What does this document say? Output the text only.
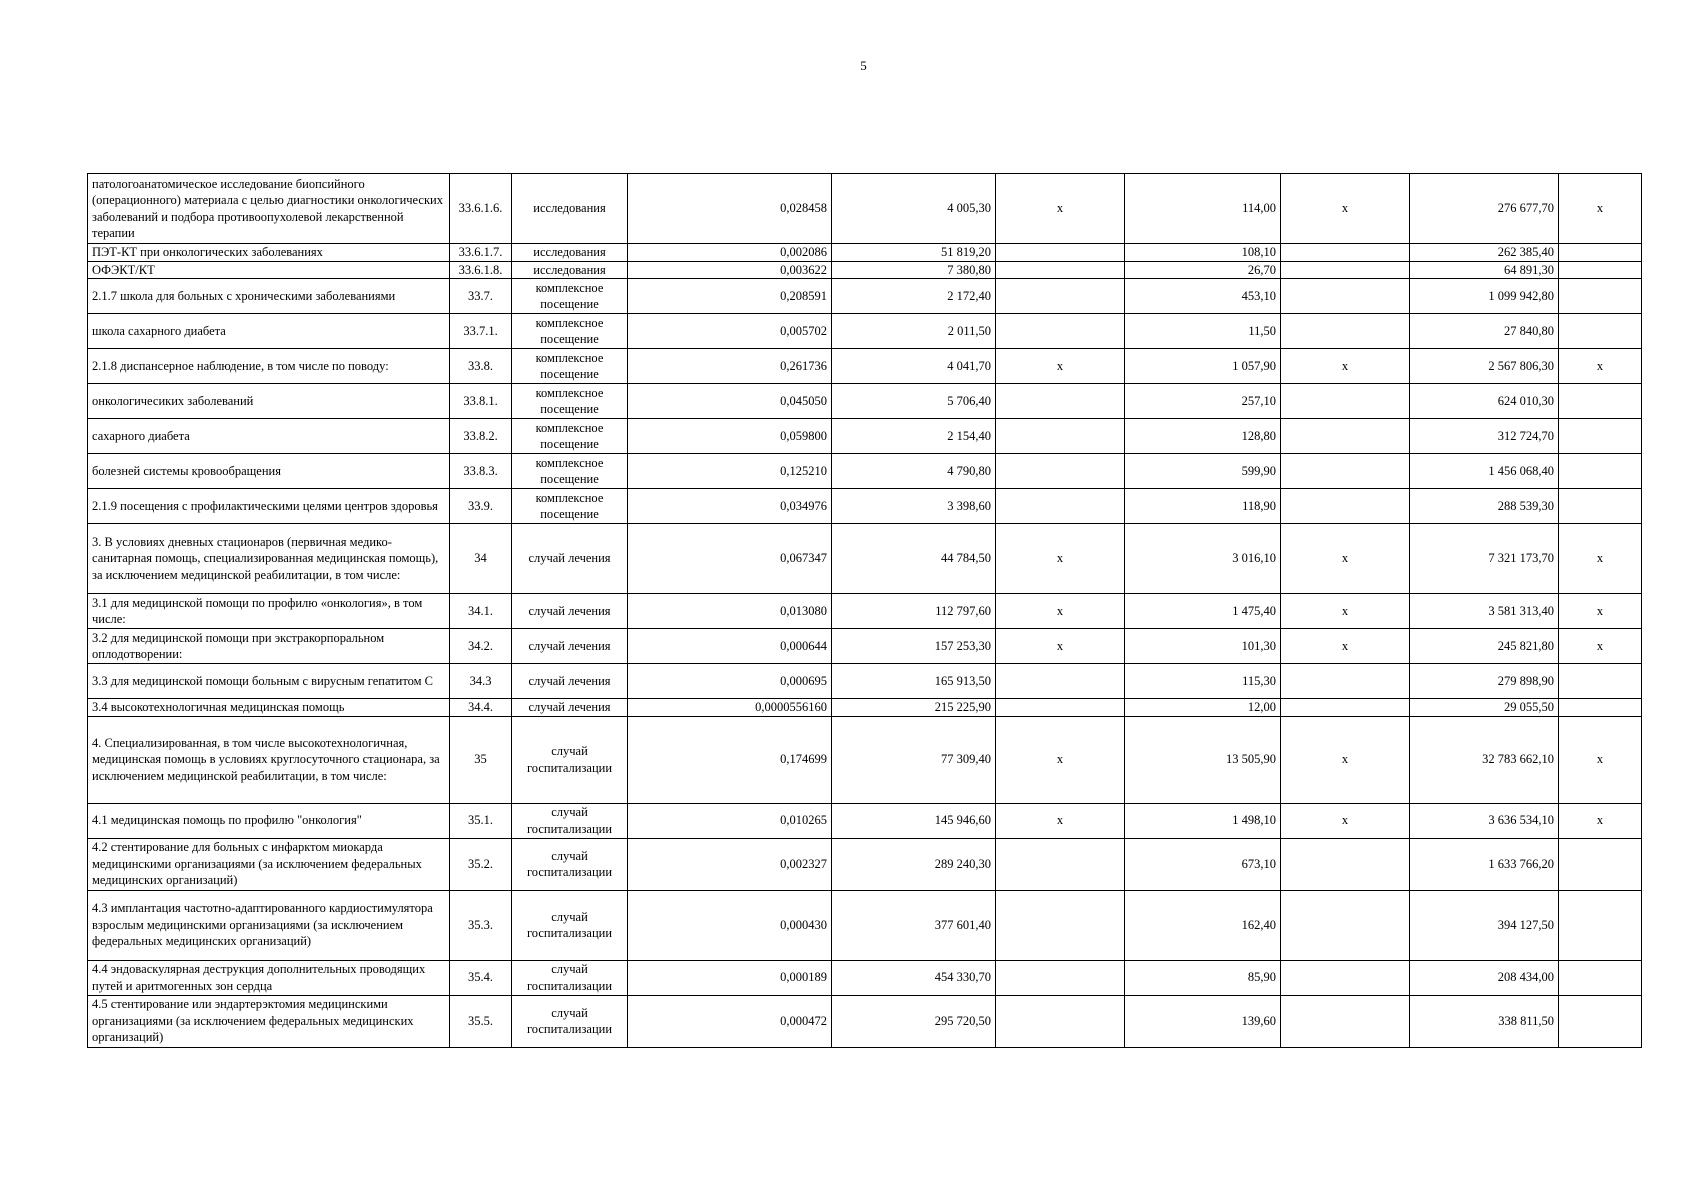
5
патологоанатомическое исследование биопсийного (операционного) материала с целью диагностики онкологических заболеваний и подбора противоопухолевой лекарственной терапии	33.6.1.6.	исследования	0,028458	4 005,30	х	114,00	х	276 677,70	х
ПЭТ-КТ при онкологических заболеваниях	33.6.1.7.	исследования	0,002086	51 819,20		108,10		262 385,40	
ОФЭКТ/КТ	33.6.1.8.	исследования	0,003622	7 380,80		26,70		64 891,30	
2.1.7 школа для больных с хроническими заболеваниями	33.7.	комплексное посещение	0,208591	2 172,40		453,10		1 099 942,80	
школа сахарного диабета	33.7.1.	комплексное посещение	0,005702	2 011,50		11,50		27 840,80	
2.1.8 диспансерное наблюдение, в том числе по поводу:	33.8.	комплексное посещение	0,261736	4 041,70	х	1 057,90	х	2 567 806,30	х
онкологичесиких заболеваний	33.8.1.	комплексное посещение	0,045050	5 706,40		257,10		624 010,30	
сахарного диабета	33.8.2.	комплексное посещение	0,059800	2 154,40		128,80		312 724,70	
болезней системы кровообращения	33.8.3.	комплексное посещение	0,125210	4 790,80		599,90		1 456 068,40	
2.1.9 посещения с профилактическими целями центров здоровья	33.9.	комплексное посещение	0,034976	3 398,60		118,90		288 539,30	
3. В условиях дневных стационаров (первичная медико-санитарная помощь, специализированная медицинская помощь), за исключением медицинской реабилитации, в том числе:	34	случай лечения	0,067347	44 784,50	х	3 016,10	х	7 321 173,70	х
3.1 для медицинской помощи по профилю «онкология», в том числе:	34.1.	случай лечения	0,013080	112 797,60	х	1 475,40	х	3 581 313,40	х
3.2 для медицинской помощи при экстракорпоральном оплодотворении:	34.2.	случай лечения	0,000644	157 253,30	х	101,30	х	245 821,80	х
3.3 для медицинской помощи больным с вирусным гепатитом С	34.3	случай лечения	0,000695	165 913,50		115,30		279 898,90	
3.4 высокотехнологичная медицинская помощь	34.4.	случай лечения	0,0000556160	215 225,90		12,00		29 055,50	
4. Специализированная, в том числе высокотехнологичная, медицинская помощь в условиях круглосуточного стационара, за исключением медицинской реабилитации, в том числе:	35	случай госпитализации	0,174699	77 309,40	х	13 505,90	х	32 783 662,10	х
4.1 медицинская помощь по профилю "онкология"	35.1.	случай госпитализации	0,010265	145 946,60	х	1 498,10	х	3 636 534,10	х
4.2 стентирование для больных с инфарктом миокарда медицинскими организациями (за исключением федеральных медицинских организаций)	35.2.	случай госпитализации	0,002327	289 240,30		673,10		1 633 766,20	
4.3 имплантация частотно-адаптированного кардиостимулятора взрослым медицинскими организациями (за исключением федеральных медицинских организаций)	35.3.	случай госпитализации	0,000430	377 601,40		162,40		394 127,50	
4.4 эндоваскулярная деструкция дополнительных проводящих путей и аритмогенных зон сердца	35.4.	случай госпитализации	0,000189	454 330,70		85,90		208 434,00	
4.5 стентирование или эндартерэктомия медицинскими организациями (за исключением федеральных медицинских организаций)	35.5.	случай госпитализации	0,000472	295 720,50		139,60		338 811,50	
